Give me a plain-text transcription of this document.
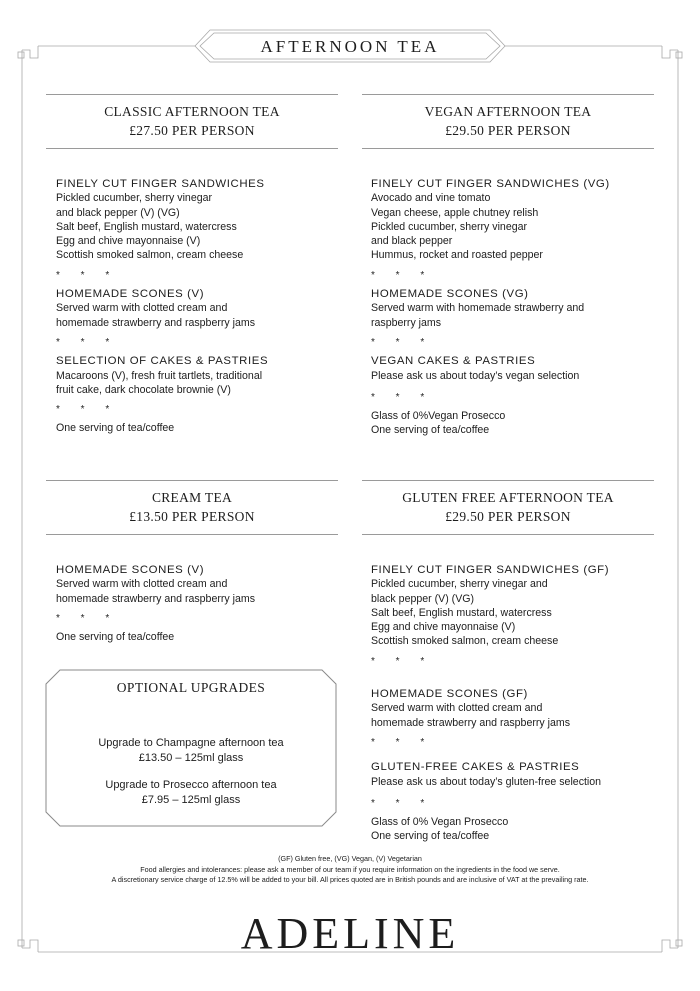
AFTERNOON TEA
CLASSIC AFTERNOON TEA
£27.50 PER PERSON
VEGAN AFTERNOON TEA
£29.50 PER PERSON
FINELY CUT FINGER SANDWICHES

Pickled cucumber, sherry vinegar

and black pepper (V) (VG)

Salt beef, English mustard, watercress

Egg and chive mayonnaise (V)

Scottish smoked salmon, cream cheese

* * *
HOMEMADE SCONES (V)

Served warm with clotted cream and

homemade strawberry and raspberry jams

* * *
SELECTION OF CAKES & PASTRIES

Macaroons (V), fresh fruit tartlets, traditional

fruit cake, dark chocolate brownie (V)

* * *

One serving of tea/coffee

FINELY CUT FINGER SANDWICHES (VG)

Avocado and vine tomato

Vegan cheese, apple chutney relish

Pickled cucumber, sherry vinegar

and black pepper

Hummus, rocket and roasted pepper

* * *
HOMEMADE SCONES (VG)

Served warm with homemade strawberry and

raspberry jams

* * *
VEGAN CAKES & PASTRIES

Please ask us about today’s vegan selection

* * *

Glass of 0%Vegan Prosecco

One serving of tea/coffee

CREAM TEA
£13.50 PER PERSON
GLUTEN FREE AFTERNOON TEA
£29.50 PER PERSON
HOMEMADE SCONES (V)

Served warm with clotted cream and

homemade strawberry and raspberry jams

* * *

One serving of tea/coffee

OPTIONAL UPGRADES
Upgrade to Champagne afternoon tea
£13.50 – 125ml glass
Upgrade to Prosecco afternoon tea
£7.95 – 125ml glass
FINELY CUT FINGER SANDWICHES (GF)

Pickled cucumber, sherry vinegar and

black pepper (V) (VG)

Salt beef, English mustard, watercress

Egg and chive mayonnaise (V)

Scottish smoked salmon, cream cheese

* * *
HOMEMADE SCONES (GF)

Served warm with clotted cream and

homemade strawberry and raspberry jams

* * *
GLUTEN-FREE CAKES & PASTRIES

Please ask us about today’s gluten-free selection

* * *

Glass of 0% Vegan Prosecco

One serving of tea/coffee

(GF) Gluten free, (VG) Vegan, (V) Vegetarian
Food allergies and intolerances: please ask a member of our team if you require information on the ingredients in the food we serve.
A discretionary service charge of 12.5% will be added to your bill. All prices quoted are in British pounds and are inclusive of VAT at the prevailing rate.
ADELINE
